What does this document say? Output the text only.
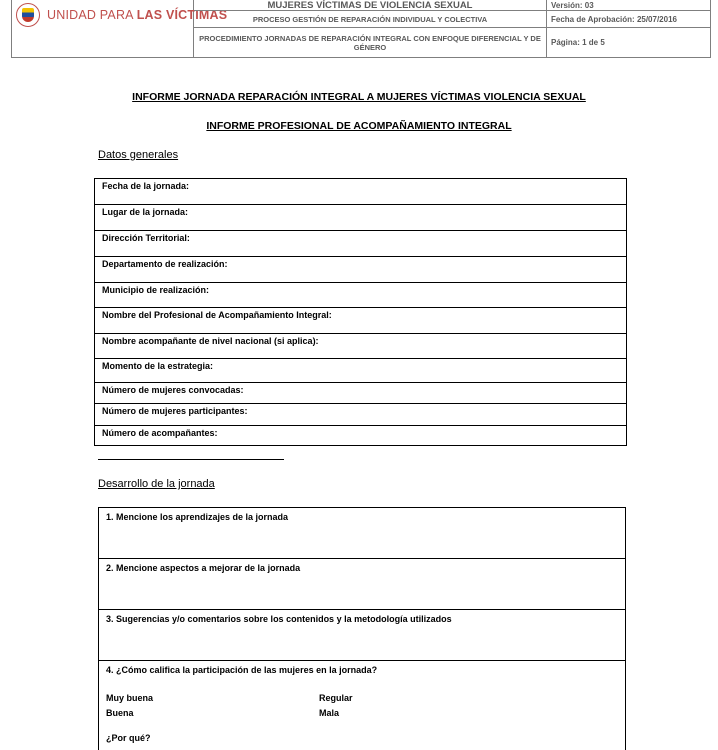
UNIDAD PARA LAS VÍCTIMAS
MUJERES VÍCTIMAS DE VIOLENCIA SEXUAL
PROCESO GESTIÓN DE REPARACIÓN INDIVIDUAL Y COLECTIVA
PROCEDIMIENTO JORNADAS DE REPARACIÓN INTEGRAL CON ENFOQUE DIFERENCIAL Y DE GÉNERO
Versión: 03
Fecha de Aprobación: 25/07/2016
Página: 1 de 5
INFORME JORNADA REPARACIÓN INTEGRAL A MUJERES VÍCTIMAS VIOLENCIA SEXUAL
INFORME PROFESIONAL DE ACOMPAÑAMIENTO INTEGRAL
Datos generales
Fecha de la jornada:
Lugar de la jornada:
Dirección Territorial:
Departamento de realización:
Municipio de realización:
Nombre del Profesional de Acompañamiento Integral:
Nombre acompañante de nivel nacional (si aplica):
Momento de la estrategia:
Número de mujeres convocadas:
Número de mujeres participantes:
Número de acompañantes:
Desarrollo de la jornada
1. Mencione los aprendizajes de la jornada
2. Mencione aspectos a mejorar de la jornada
3. Sugerencias y/o comentarios sobre los contenidos y la metodología utilizados
4. ¿Cómo califica la participación de las mujeres en la jornada?
Muy buena	Regular
Buena	Mala
¿Por qué?
